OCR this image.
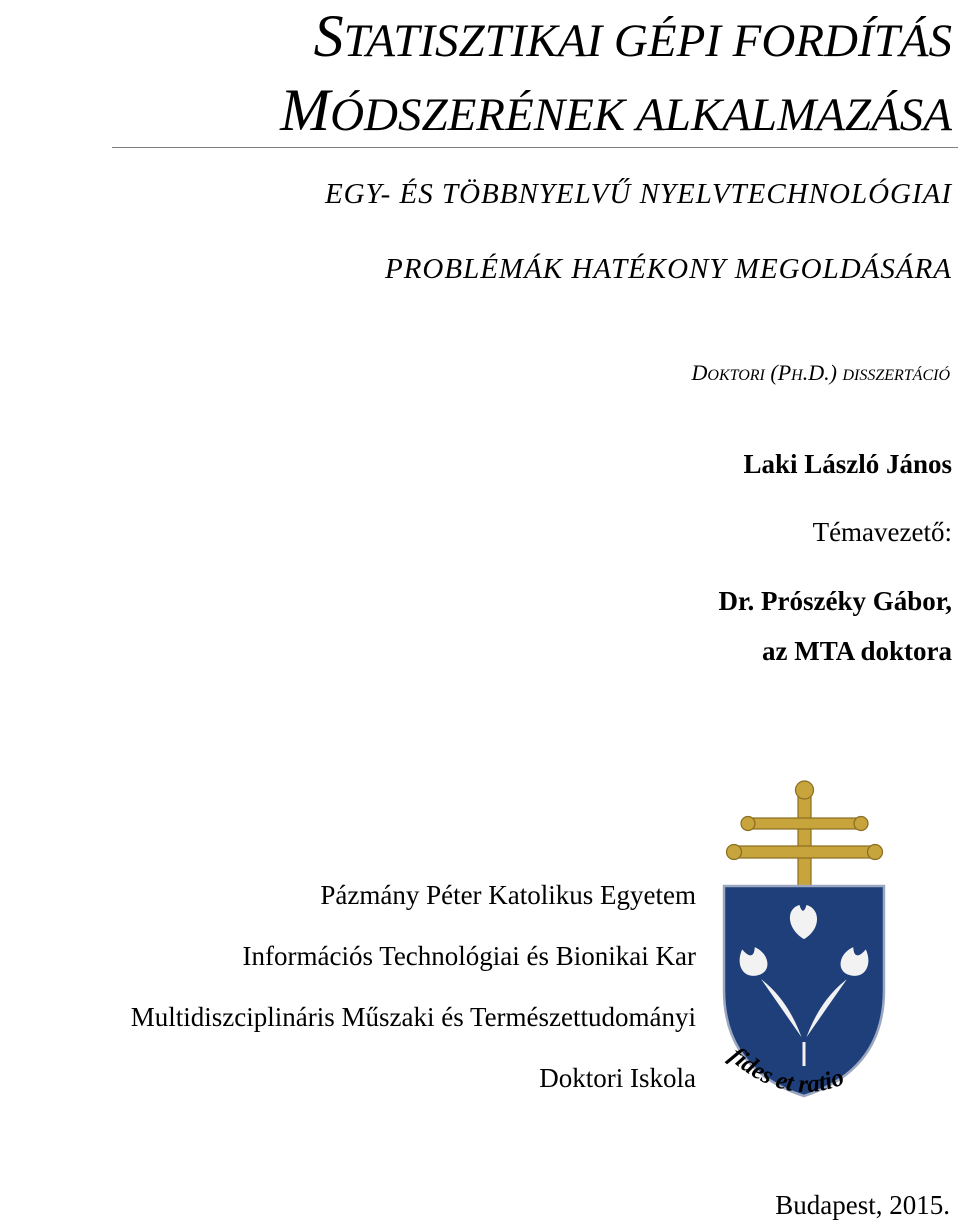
STATISZTIKAI GÉPI FORDÍTÁS
MÓDSZERÉNEK ALKALMAZÁSA
EGY- ÉS TÖBBNYELVŰ NYELVTECHNOLÓGIAI
PROBLÉMÁK HATÉKONY MEGOLDÁSÁRA
DOKTORI (PH.D.) DISSZERTÁCIÓ
Laki László János
Témavezető:
Dr. Prószéky Gábor,
az MTA doktora
Pázmány Péter Katolikus Egyetem
Információs Technológiai és Bionikai Kar
Multidiszciplináris Műszaki és Természettudományi
Doktori Iskola
fides et ratio
Budapest, 2015.
